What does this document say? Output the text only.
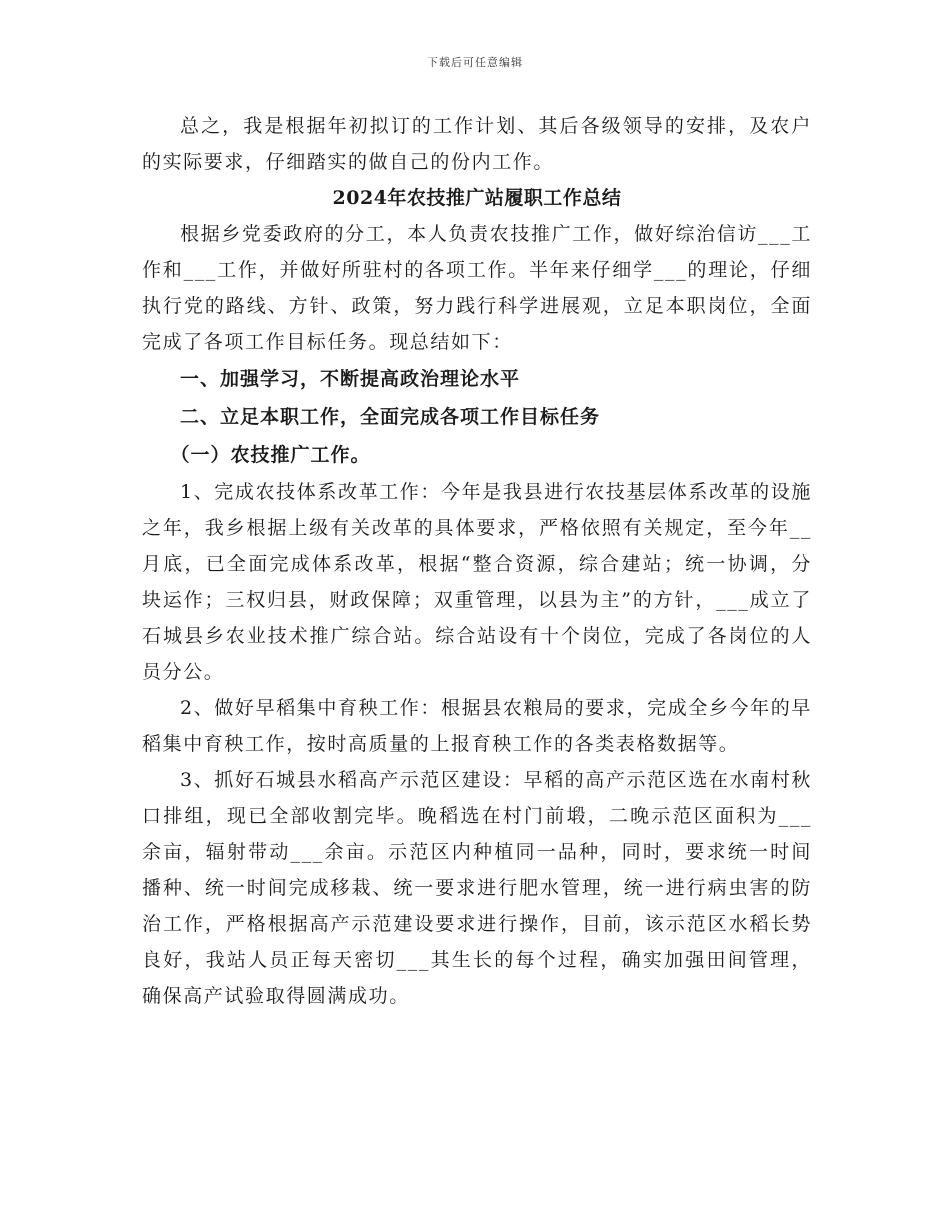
下载后可任意编辑

总之，我是根据年初拟订的工作计划、其后各级领导的安排，及农户的实际要求，仔细踏实的做自己的份内工作。

2024年农技推广站履职工作总结

根据乡党委政府的分工，本人负责农技推广工作，做好综治信访___工作和___工作，并做好所驻村的各项工作。半年来仔细学___的理论，仔细执行党的路线、方针、政策，努力践行科学进展观，立足本职岗位，全面完成了各项工作目标任务。现总结如下：

一、加强学习，不断提高政治理论水平

二、立足本职工作，全面完成各项工作目标任务

（一）农技推广工作。

1、完成农技体系改革工作：今年是我县进行农技基层体系改革的设施之年，我乡根据上级有关改革的具体要求，严格依照有关规定，至今年__月底，已全面完成体系改革，根据“整合资源，综合建站；统一协调，分块运作；三权归县，财政保障；双重管理，以县为主”的方针，___成立了石城县乡农业技术推广综合站。综合站设有十个岗位，完成了各岗位的人员分公。

2、做好早稻集中育秧工作：根据县农粮局的要求，完成全乡今年的早稻集中育秧工作，按时高质量的上报育秧工作的各类表格数据等。

3、抓好石城县水稻高产示范区建设：早稻的高产示范区选在水南村秋口排组，现已全部收割完毕。晚稻选在村门前塅，二晚示范区面积为___余亩，辐射带动___余亩。示范区内种植同一品种，同时，要求统一时间播种、统一时间完成移栽、统一要求进行肥水管理，统一进行病虫害的防治工作，严格根据高产示范建设要求进行操作，目前，该示范区水稻长势良好，我站人员正每天密切___其生长的每个过程，确实加强田间管理，确保高产试验取得圆满成功。
